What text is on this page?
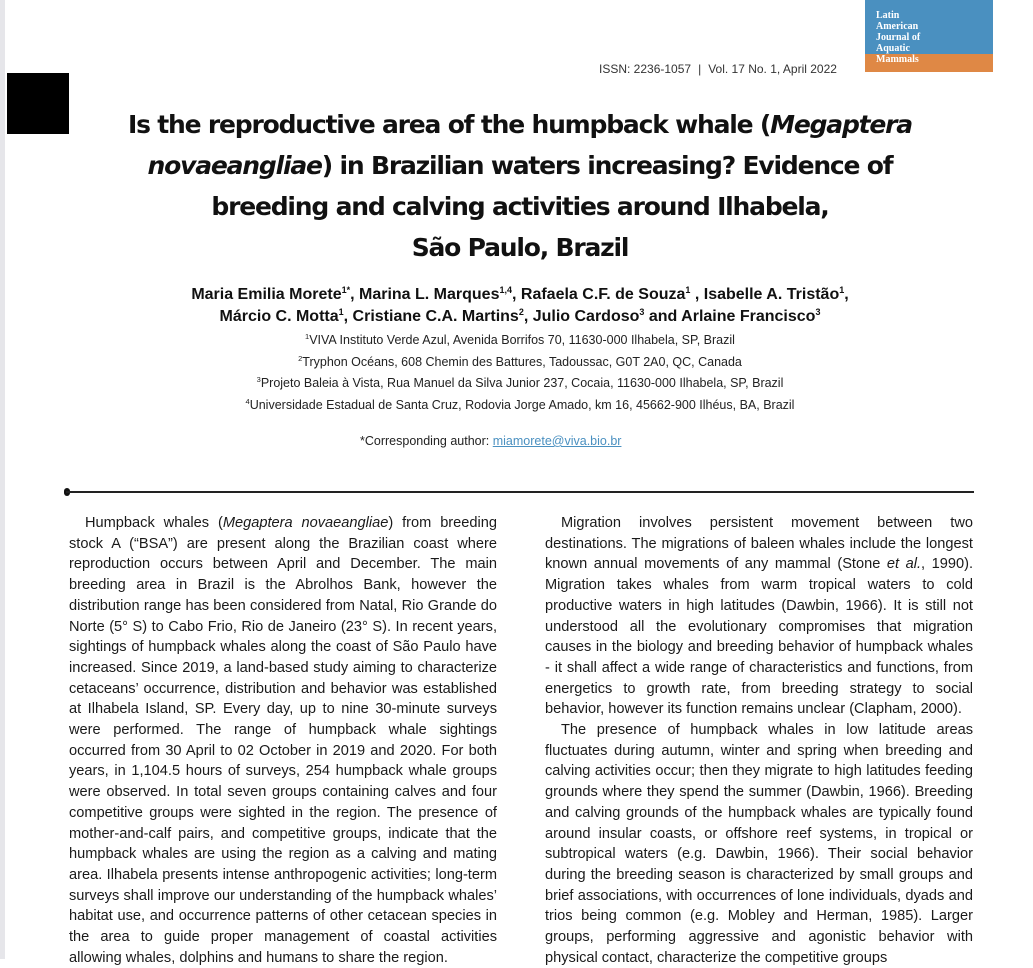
Latin
American
Journal of
Aquatic
Mammals
ISSN: 2236-1057 | Vol. 17 No. 1, April 2022
Is the reproductive area of the humpback whale (Megaptera novaeangliae) in Brazilian waters increasing? Evidence of breeding and calving activities around Ilhabela,
São Paulo, Brazil
Maria Emilia Morete$^{1*}$, Marina L. Marques$^{1,4}$, Rafaela C.F. de Souza$^1$ , Isabelle A. Tristão$^1$,
Márcio C. Motta$^1$, Cristiane C.A. Martins$^2$, Julio Cardoso$^3$ and Arlaine Francisco$^3$
$^1$VIVA Instituto Verde Azul, Avenida Borrifos 70, 11630-000 Ilhabela, SP, Brazil
$^2$Tryphon Océans, 608 Chemin des Battures, Tadoussac, G0T 2A0, QC, Canada
$^3$Projeto Baleia à Vista, Rua Manuel da Silva Junior 237, Cocaia, 11630-000 Ilhabela, SP, Brazil
$^4$Universidade Estadual de Santa Cruz, Rodovia Jorge Amado, km 16, 45662-900 Ilhéus, BA, Brazil
*Corresponding author: miamorete@viva.bio.br

Humpback whales (Megaptera novaeangliae) from breeding stock A (“BSA”) are present along the Brazilian coast where reproduction occurs between April and December. The main breeding area in Brazil is the Abrolhos Bank, however the distribution range has been considered from Natal, Rio Grande do Norte (5° S) to Cabo Frio, Rio de Janeiro (23° S). In recent years, sightings of humpback whales along the coast of São Paulo have increased. Since 2019, a land-based study aiming to characterize cetaceans’ occurrence, distribution and behavior was established at Ilhabela Island, SP. Every day, up to nine 30-minute surveys were performed. The range of humpback whale sightings occurred from 30 April to 02 October in 2019 and 2020. For both years, in 1,104.5 hours of surveys, 254 humpback whale groups were observed. In total seven groups containing calves and four competitive groups were sighted in the region. The presence of mother-and-calf pairs, and competitive groups, indicate that the humpback whales are using the region as a calving and mating area. Ilhabela presents intense anthropogenic activities; long-term surveys shall improve our understanding of the humpback whales’ habitat use, and occurrence patterns of other cetacean species in the area to guide proper management of coastal activities allowing whales, dolphins and humans to share the region.

Migration involves persistent movement between two destinations. The migrations of baleen whales include the longest known annual movements of any mammal (Stone et al., 1990). Migration takes whales from warm tropical waters to cold productive waters in high latitudes (Dawbin, 1966). It is still not understood all the evolutionary compromises that migration causes in the biology and breeding behavior of humpback whales - it shall affect a wide range of characteristics and functions, from energetics to growth rate, from breeding strategy to social behavior, however its function remains unclear (Clapham, 2000).

The presence of humpback whales in low latitude areas fluctuates during autumn, winter and spring when breeding and calving activities occur; then they migrate to high latitudes feeding grounds where they spend the summer (Dawbin, 1966). Breeding and calving grounds of the humpback whales are typically found around insular coasts, or offshore reef systems, in tropical or subtropical waters (e.g. Dawbin, 1966). Their social behavior during the breeding season is characterized by small groups and brief associations, with occurrences of lone individuals, dyads and trios being common (e.g. Mobley and Herman, 1985). Larger groups, performing aggressive and agonistic behavior with physical contact, characterize the competitive groups
